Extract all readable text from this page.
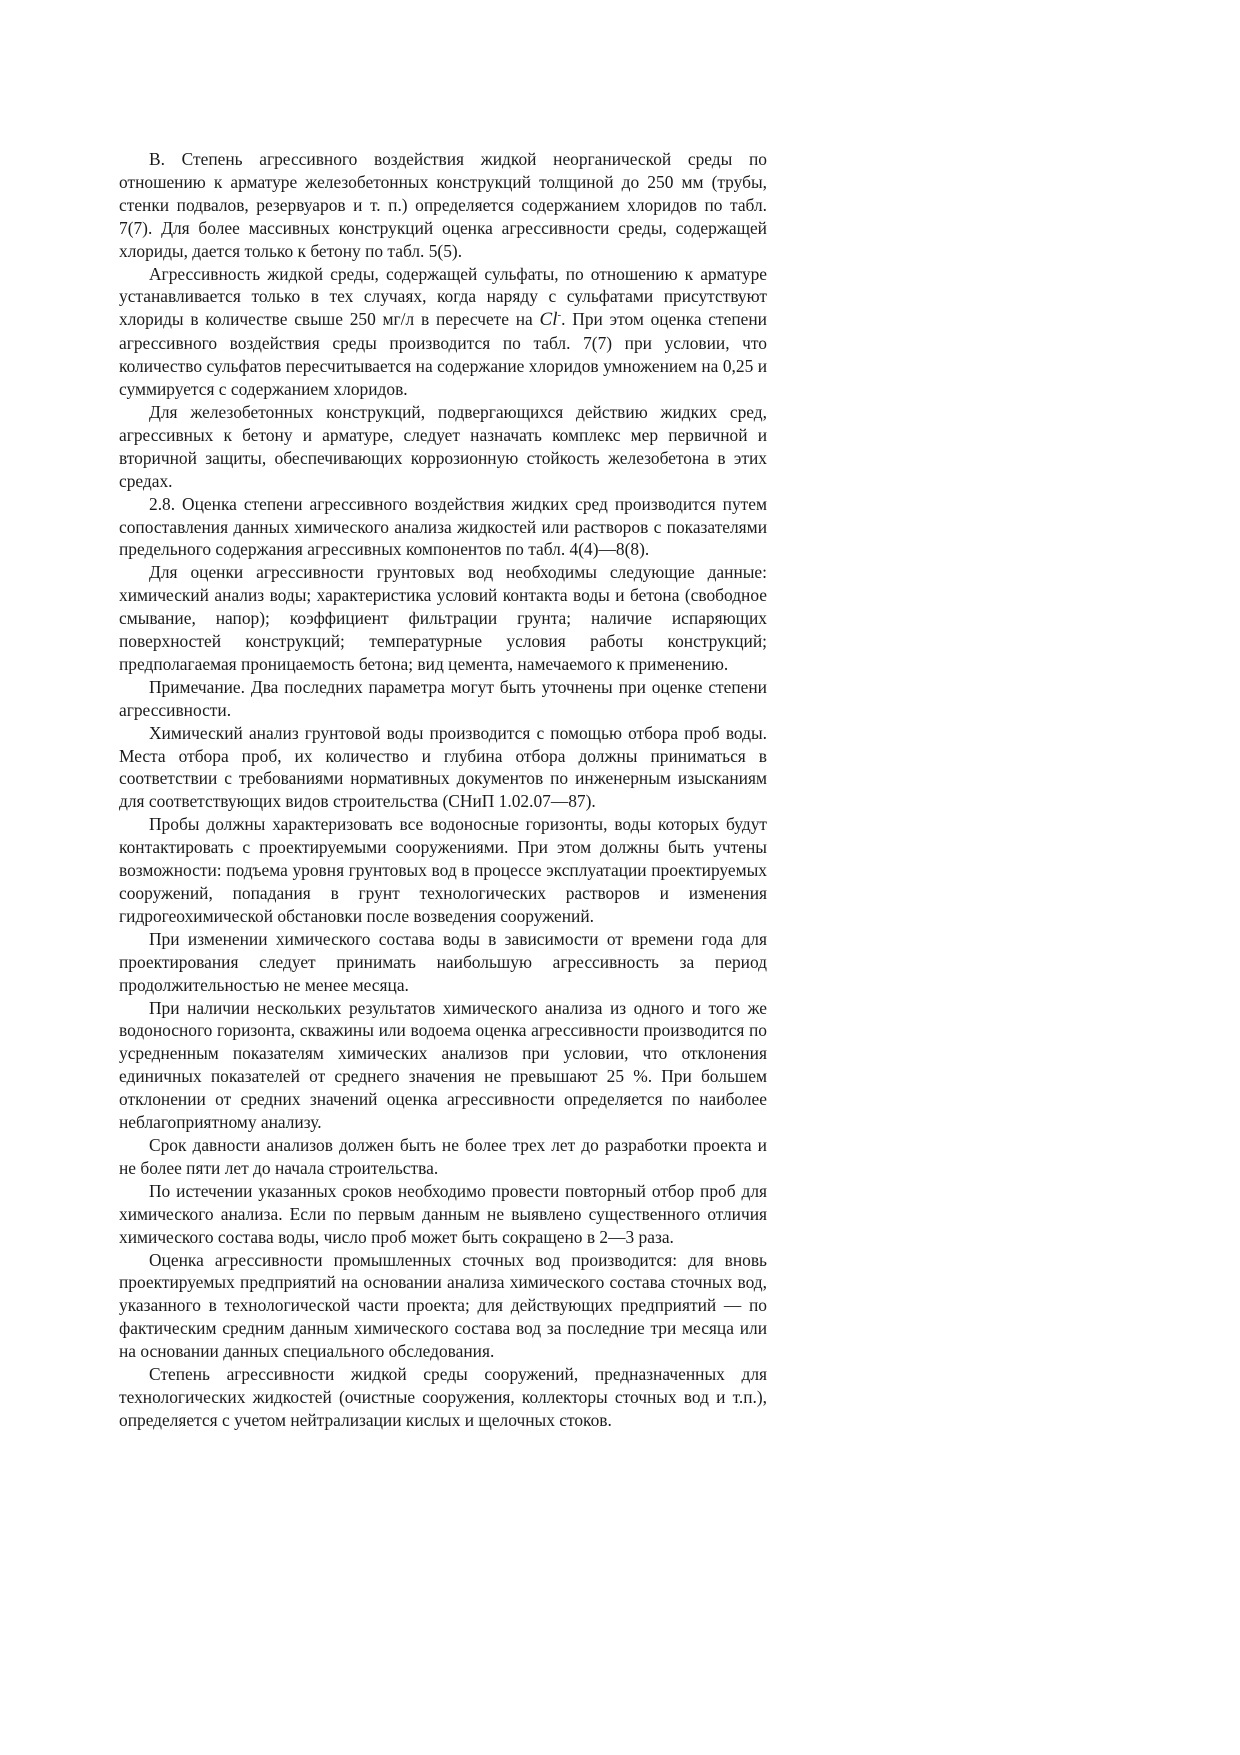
В. Степень агрессивного воздействия жидкой неорганической среды по отношению к арматуре железобетонных конструкций толщиной до 250 мм (трубы, стенки подвалов, резервуаров и т. п.) определяется содержанием хлоридов по табл. 7(7). Для более массивных конструкций оценка агрессивности среды, содержащей хлориды, дается только к бетону по табл. 5(5).

Агрессивность жидкой среды, содержащей сульфаты, по отношению к арматуре устанавливается только в тех случаях, когда наряду с сульфатами присутствуют хлориды в количестве свыше 250 мг/л в пересчете на Cl-. При этом оценка степени агрессивного воздействия среды производится по табл. 7(7) при условии, что количество сульфатов пересчитывается на содержание хлоридов умножением на 0,25 и суммируется с содержанием хлоридов.

Для железобетонных конструкций, подвергающихся действию жидких сред, агрессивных к бетону и арматуре, следует назначать комплекс мер первичной и вторичной защиты, обеспечивающих коррозионную стойкость железобетона в этих средах.

2.8. Оценка степени агрессивного воздействия жидких сред производится путем сопоставления данных химического анализа жидкостей или растворов с показателями предельного содержания агрессивных компонентов по табл. 4(4)—8(8).

Для оценки агрессивности грунтовых вод необходимы следующие данные: химический анализ воды; характеристика условий контакта воды и бетона (свободное смывание, напор); коэффициент фильтрации грунта; наличие испаряющих поверхностей конструкций; температурные условия работы конструкций; предполагаемая проницаемость бетона; вид цемента, намечаемого к применению.

Примечание. Два последних параметра могут быть уточнены при оценке степени агрессивности.

Химический анализ грунтовой воды производится с помощью отбора проб воды. Места отбора проб, их количество и глубина отбора должны приниматься в соответствии с требованиями нормативных документов по инженерным изысканиям для соответствующих видов строительства (СНиП 1.02.07—87).

Пробы должны характеризовать все водоносные горизонты, воды которых будут контактировать с проектируемыми сооружениями. При этом должны быть учтены возможности: подъема уровня грунтовых вод в процессе эксплуатации проектируемых сооружений, попадания в грунт технологических растворов и изменения гидрогеохимической обстановки после возведения сооружений.

При изменении химического состава воды в зависимости от времени года для проектирования следует принимать наибольшую агрессивность за период продолжительностью не менее месяца.

При наличии нескольких результатов химического анализа из одного и того же водоносного горизонта, скважины или водоема оценка агрессивности производится по усредненным показателям химических анализов при условии, что отклонения единичных показателей от среднего значения не превышают 25 %. При большем отклонении от средних значений оценка агрессивности определяется по наиболее неблагоприятному анализу.

Срок давности анализов должен быть не более трех лет до разработки проекта и не более пяти лет до начала строительства.

По истечении указанных сроков необходимо провести повторный отбор проб для химического анализа. Если по первым данным не выявлено существенного отличия химического состава воды, число проб может быть сокращено в 2—3 раза.

Оценка агрессивности промышленных сточных вод производится: для вновь проектируемых предприятий на основании анализа химического состава сточных вод, указанного в технологической части проекта; для действующих предприятий — по фактическим средним данным химического состава вод за последние три месяца или на основании данных специального обследования.

Степень агрессивности жидкой среды сооружений, предназначенных для технологических жидкостей (очистные сооружения, коллекторы сточных вод и т.п.), определяется с учетом нейтрализации кислых и щелочных стоков.
